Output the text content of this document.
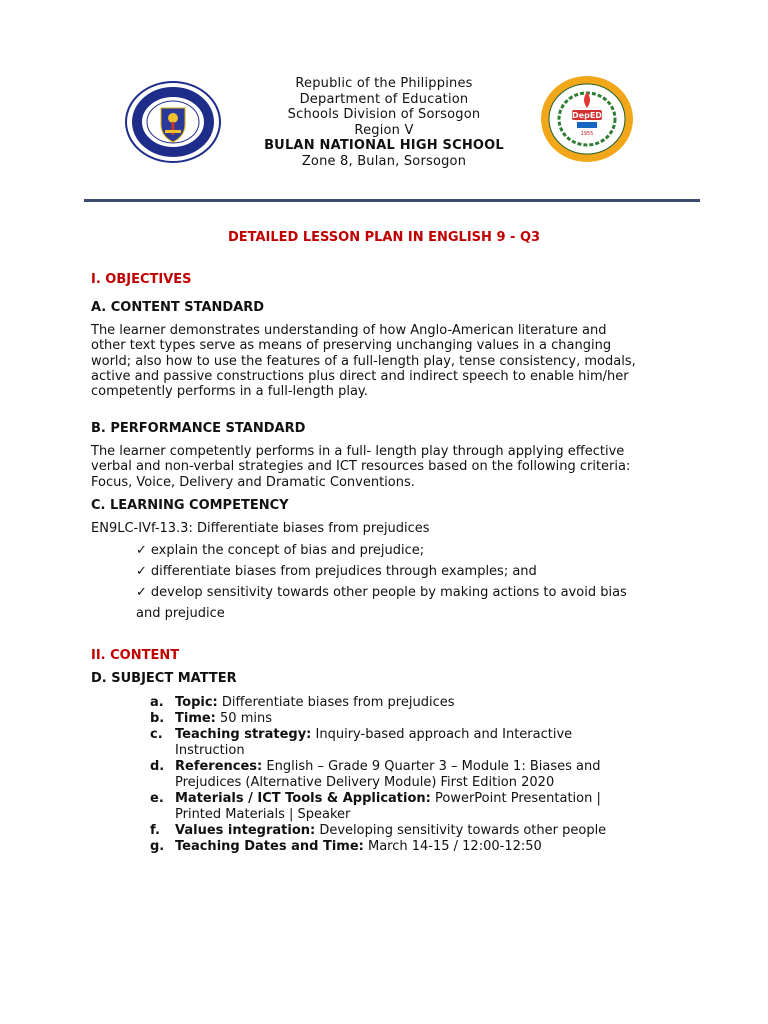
Republic of the Philippines
Department of Education
Schools Division of Sorsogon
Region V
BULAN NATIONAL HIGH SCHOOL
Zone 8, Bulan, Sorsogon
DepED
1955
DETAILED LESSON PLAN IN ENGLISH 9 - Q3
I. OBJECTIVES
A. CONTENT STANDARD
The learner demonstrates understanding of how Anglo-American literature and
other text types serve as means of preserving unchanging values in a changing
world; also how to use the features of a full-length play, tense consistency, modals,
active and passive constructions plus direct and indirect speech to enable him/her
competently performs in a full-length play.
B. PERFORMANCE STANDARD
The learner competently performs in a full- length play through applying effective
verbal and non-verbal strategies and ICT resources based on the following criteria:
Focus, Voice, Delivery and Dramatic Conventions.
C. LEARNING COMPETENCY
EN9LC-IVf-13.3: Differentiate biases from prejudices
✓ explain the concept of bias and prejudice;
✓ differentiate biases from prejudices through examples; and
✓ develop sensitivity towards other people by making actions to avoid bias
and prejudice
II. CONTENT
D. SUBJECT MATTER
a. Topic: Differentiate biases from prejudices
b. Time: 50 mins
c. Teaching strategy: Inquiry-based approach and Interactive
Instruction
d. References: English – Grade 9 Quarter 3 – Module 1: Biases and
Prejudices (Alternative Delivery Module) First Edition 2020
e. Materials / ICT Tools & Application: PowerPoint Presentation |
Printed Materials | Speaker
f.	Values integration: Developing sensitivity towards other people
g. Teaching Dates and Time: March 14-15 / 12:00-12:50
